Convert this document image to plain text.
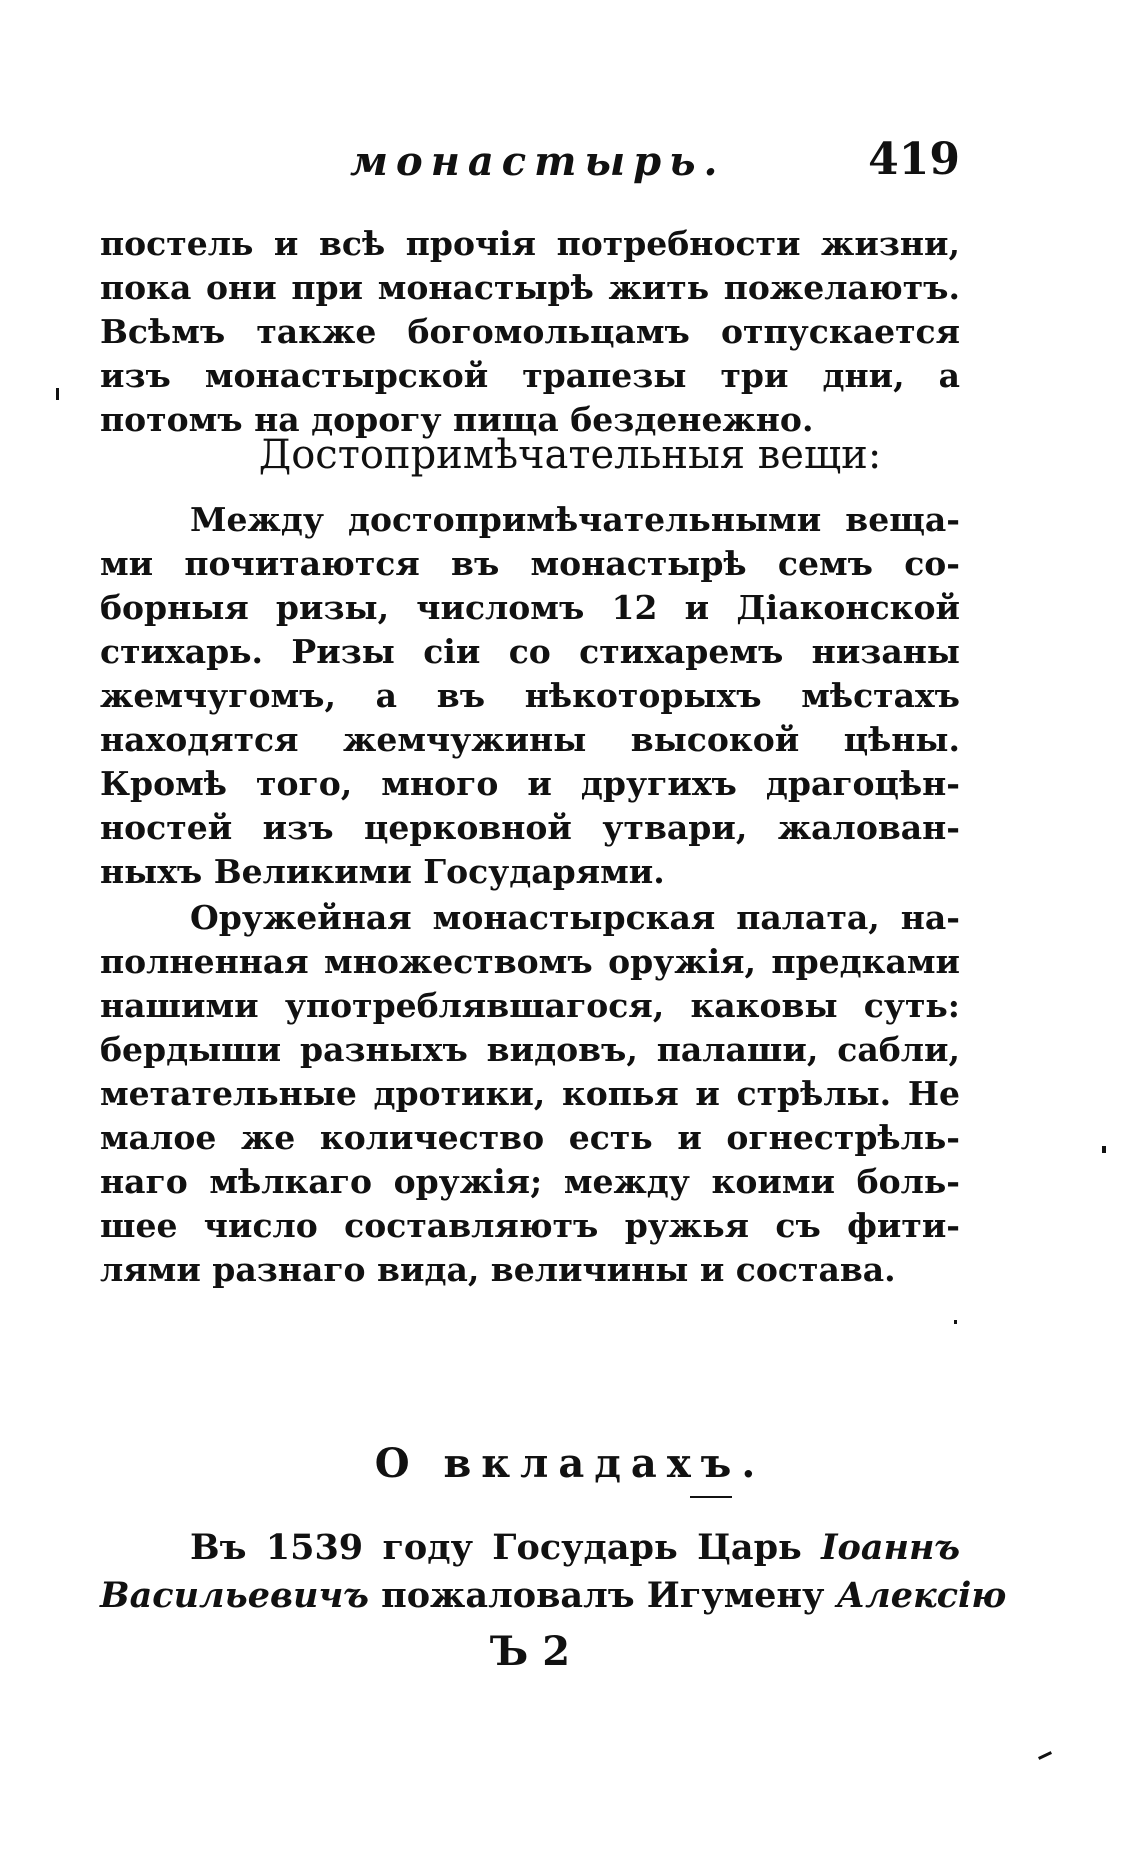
монастырь.	419
постель и всѣ прочія потребности жизни,
пока они при монастырѣ жить пожелаютъ.
Всѣмъ также богомольцамъ отпускается
изъ монастырской трапезы три дни, а
потомъ на дорогу пища безденежно.
Достопримѣчательныя вещи:
Между достопримѣчательными веща-
ми почитаются въ монастырѣ семъ со-
борныя ризы, числомъ 12 и Діаконской
стихарь. Ризы сіи со стихаремъ низаны
жемчугомъ, а въ нѣкоторыхъ мѣстахъ
находятся жемчужины высокой цѣны.
Кромѣ того, много и другихъ драгоцѣн-
ностей изъ церковной утвари, жалован-
ныхъ Великими Государями.
Оружейная монастырская палата, на-
полненная множествомъ оружія, предками
нашими употреблявшагося, каковы суть:
бердыши разныхъ видовъ, палаши, сабли,
метательные дротики, копья и стрѣлы. Не
малое же количество есть и огнестрѣль-
наго мѣлкаго оружія; между коими боль-
шее число составляютъ ружья съ фити-
лями разнаго вида, величины и состава.
О вкладахъ.
Въ 1539 году Государь Царь Іоаннъ
Васильевичъ пожаловалъ Игумену Алексію
Ъ 2
